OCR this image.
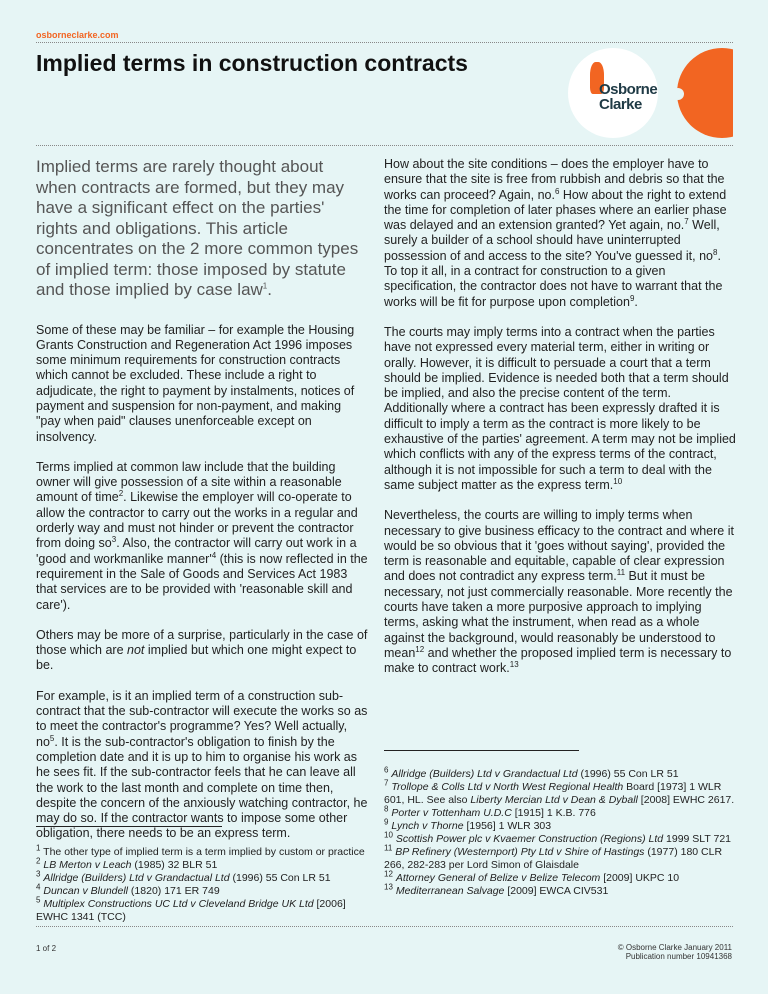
osborneclarke.com
Implied terms in construction contracts
Osborne
Clarke

Implied terms are rarely thought about when contracts are formed, but they may have a significant effect on the parties' rights and obligations. This article concentrates on the 2 more common types of implied term: those imposed by statute and those implied by case law$^1$.

Some of these may be familiar – for example the Housing Grants Construction and Regeneration Act 1996 imposes some minimum requirements for construction contracts which cannot be excluded. These include a right to adjudicate, the right to payment by instalments, notices of payment and suspension for non-payment, and making "pay when paid" clauses unenforceable except on insolvency.

Terms implied at common law include that the building owner will give possession of a site within a reasonable amount of time$^2$. Likewise the employer will co-operate to allow the contractor to carry out the works in a regular and orderly way and must not hinder or prevent the contractor from doing $so^3$. Also, the contractor will carry out work in a 'good and workmanlike $manner'^4$ (this is now reflected in the requirement in the Sale of Goods and Services Act 1983 that services are to be provided with 'reasonable skill and care').

Others may be more of a surprise, particularly in the case of those which are not implied but which one might expect to be.

For example, is it an implied term of a construction sub-contract that the sub-contractor will execute the works so as to meet the contractor's programme? Yes? Well actually, $no^5$. It is the sub-contractor's obligation to finish by the completion date and it is up to him to organise his work as he sees fit. If the sub-contractor feels that he can leave all the work to the last month and complete on time then, despite the concern of the anxiously watching contractor, he may do so. If the contractor wants to impose some other obligation, there needs to be an express term.

How about the site conditions – does the employer have to ensure that the site is free from rubbish and debris so that the works can proceed? Again, no.$^6$ How about the right to extend the time for completion of later phases where an earlier phase was delayed and an extension granted? Yet again, no.$^7$ Well, surely a builder of a school should have uninterrupted possession of and access to the site? You've guessed it, $no^8$. To top it all, in a contract for construction to a given specification, the contractor does not have to warrant that the works will be fit for purpose upon completion$^9$.

The courts may imply terms into a contract when the parties have not expressed every material term, either in writing or orally. However, it is difficult to persuade a court that a term should be implied. Evidence is needed both that a term should be implied, and also the precise content of the term. Additionally where a contract has been expressly drafted it is difficult to imply a term as the contract is more likely to be exhaustive of the parties' agreement. A term may not be implied which conflicts with any of the express terms of the contract, although it is not impossible for such a term to deal with the same subject matter as the express term.$^{10}$

Nevertheless, the courts are willing to imply terms when necessary to give business efficacy to the contract and where it would be so obvious that it 'goes without saying', provided the term is reasonable and equitable, capable of clear expression and does not contradict any express term.$^{11}$ But it must be necessary, not just commercially reasonable. More recently the courts have taken a more purposive approach to implying terms, asking what the instrument, when read as a whole against the background, would reasonably be understood to mean$^{12}$ and whether the proposed implied term is necessary to make to contract work.$^{13}$

$^1$ The other type of implied term is a term implied by custom or practice
$^2$ LB Merton v Leach (1985) 32 BLR 51
$^3$ Allridge (Builders) Ltd v Grandactual Ltd (1996) 55 Con LR 51
$^4$ Duncan v Blundell (1820) 171 ER 749
$^5$ Multiplex Constructions UC Ltd v Cleveland Bridge UK Ltd [2006] EWHC 1341 (TCC)
$^6$ Allridge (Builders) Ltd v Grandactual Ltd (1996) 55 Con LR 51
$^7$ Trollope & Colls Ltd v North West Regional Health Board [1973] 1 WLR 601, HL. See also Liberty Mercian Ltd v Dean & Dyball [2008] EWHC 2617.
$^8$ Porter v Tottenham U.D.C [1915] 1 K.B. 776
$^9$ Lynch v Thorne [1956] 1 WLR 303
$^{10}$ Scottish Power plc v Kvaemer Construction (Regions) Ltd 1999 SLT 721
$^{11}$ BP Refinery (Westernport) Pty Ltd v Shire of Hastings (1977) 180 CLR 266, 282-283 per Lord Simon of Glaisdale
$^{12}$ Attorney General of Belize v Belize Telecom [2009] UKPC 10
$^{13}$ Mediterranean Salvage [2009] EWCA CIV531
1 of 2	© Osborne Clarke January 2011
Publication number 10941368
